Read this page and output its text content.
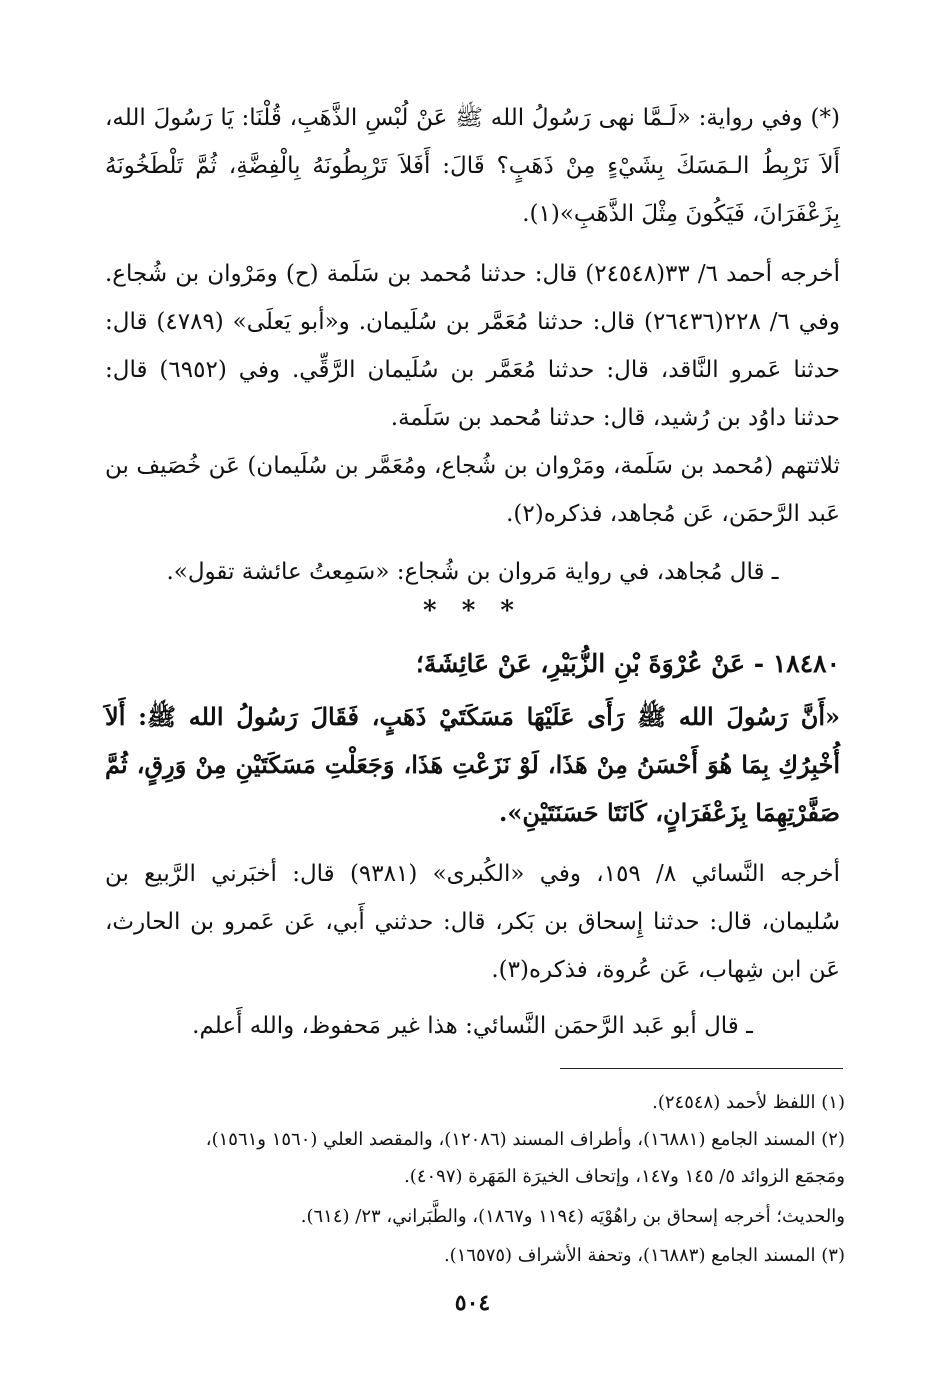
(*) وفي رواية: «لَـمَّا نهى رَسُولُ الله ﷺ عَنْ لُبْسِ الذَّهَبِ، قُلْنَا: يَا رَسُولَ الله، أَلاَ نَرْبِطُ الـمَسَكَ بِشَيْءٍ مِنْ ذَهَبٍ؟ قَالَ: أَفَلاَ تَرْبِطُونَهُ بِالْفِضَّةِ، ثُمَّ تَلْطَخُونَهُ بِزَعْفَرَانَ، فَيَكُونَ مِثْلَ الذَّهَبِ»(١).
أخرجه أحمد ٦/ ٣٣(٢٤٥٤٨) قال: حدثنا مُحمد بن سَلَمة (ح) ومَرْوان بن شُجاع. وفي ٦/ ٢٢٨(٢٦٤٣٦) قال: حدثنا مُعَمَّر بن سُلَيمان. و«أبو يَعلَى» (٤٧٨٩) قال: حدثنا عَمرو النَّاقد، قال: حدثنا مُعَمَّر بن سُلَيمان الرَّقِّي. وفي (٦٩٥٢) قال: حدثنا داوُد بن رُشيد، قال: حدثنا مُحمد بن سَلَمة.
ثلاثتهم (مُحمد بن سَلَمة، ومَرْوان بن شُجاع، ومُعَمَّر بن سُلَيمان) عَن خُصَيف بن عَبد الرَّحمَن، عَن مُجاهد، فذكره(٢).
ـ قال مُجاهد، في رواية مَروان بن شُجاع: «سَمِعتُ عائشة تقول».
* * *
١٨٤٨٠ - عَنْ عُرْوَةَ بْنِ الزُّبَيْرِ، عَنْ عَائِشَةَ؛
«أَنَّ رَسُولَ الله ﷺ رَأَى عَلَيْهَا مَسَكَتَيْ ذَهَبٍ، فَقَالَ رَسُولُ الله ﷺ: أَلاَ أُخْبِرُكِ بِمَا هُوَ أَحْسَنُ مِنْ هَذَا، لَوْ نَزَعْتِ هَذَا، وَجَعَلْتِ مَسَكَتَيْنِ مِنْ وَرِقٍ، ثُمَّ صَفَّرْتِهِمَا بِزَعْفَرَانٍ، كَانَتَا حَسَنَتَيْنِ».
أخرجه النَّسائي ٨/ ١٥٩، وفي «الكُبرى» (٩٣٨١) قال: أخبَرني الرَّبيع بن سُليمان، قال: حدثنا إِسحاق بن بَكر، قال: حدثني أَبي، عَن عَمرو بن الحارث، عَن ابن شِهاب، عَن عُروة، فذكره(٣).
ـ قال أبو عَبد الرَّحمَن النَّسائي: هذا غير مَحفوظ، والله أَعلم.
(١) اللفظ لأحمد (٢٤٥٤٨).
(٢) المسند الجامع (١٦٨٨١)، وأطراف المسند (١٢٠٨٦)، والمقصد العلي (١٥٦٠ و١٥٦١)،
ومَجمَع الزوائد ٥/ ١٤٥ و١٤٧، وإتحاف الخيرَة المَهَرة (٤٠٩٧).
والحديث؛ أخرجه إسحاق بن راهُوْيَه (١١٩٤ و١٨٦٧)، والطَّبَراني، ٢٣/ (٦١٤).
(٣) المسند الجامع (١٦٨٨٣)، وتحفة الأشراف (١٦٥٧٥).
٥٠٤
